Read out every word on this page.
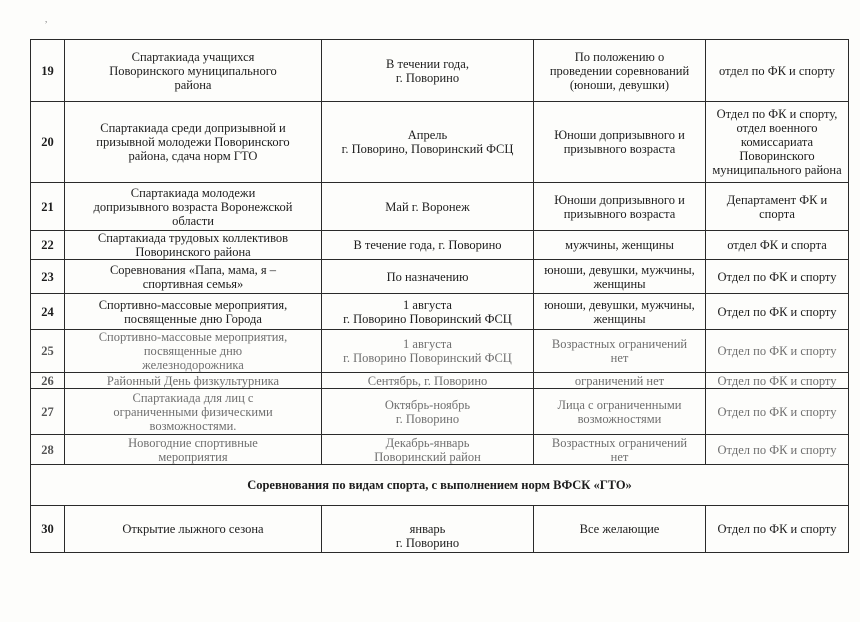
,
19	Спартакиада учащихся
Поворинского муниципального
района	В течении года,
г. Поворино	По положению о
проведении соревнований
(юноши, девушки)	отдел по ФК и спорту
20	Спартакиада среди допризывной и
призывной молодежи Поворинского
района, сдача норм ГТО	Апрель
г. Поворино, Поворинский ФСЦ	Юноши допризывного и
призывного возраста	Отдел по ФК и спорту,
отдел военного
комиссариата Поворинского
муниципального района
21	Спартакиада молодежи
допризывного возраста Воронежской
области	Май г. Воронеж	Юноши допризывного и
призывного возраста	Департамент ФК и спорта
22	Спартакиада трудовых коллективов
Поворинского района	В течение года, г. Поворино	мужчины, женщины	отдел ФК и спорта
23	Соревнования «Папа, мама, я –
спортивная семья»	По назначению	юноши, девушки, мужчины,
женщины	Отдел по ФК и спорту
24	Спортивно-массовые мероприятия,
посвященные дню Города	1 августа
г. Поворино Поворинский ФСЦ	юноши, девушки, мужчины,
женщины	Отдел по ФК и спорту
25	Спортивно-массовые мероприятия,
посвященные дню
железнодорожника	1 августа
г. Поворино Поворинский ФСЦ	Возрастных ограничений
нет	Отдел по ФК и спорту
26	Районный День физкультурника	Сентябрь, г. Поворино	ограничений нет	Отдел по ФК и спорту
27	Спартакиада для лиц с
ограниченными физическими
возможностями.	Октябрь-ноябрь
г. Поворино	Лица с ограниченными
возможностями	Отдел по ФК и спорту
28	Новогодние спортивные
мероприятия	Декабрь-январь
Поворинский район	Возрастных ограничений
нет	Отдел по ФК и спорту
Соревнования по видам спорта, с выполнением норм ВФСК «ГТО»				
30	Открытие лыжного сезона	январь
г. Поворино	Все желающие	Отдел по ФК и спорту
